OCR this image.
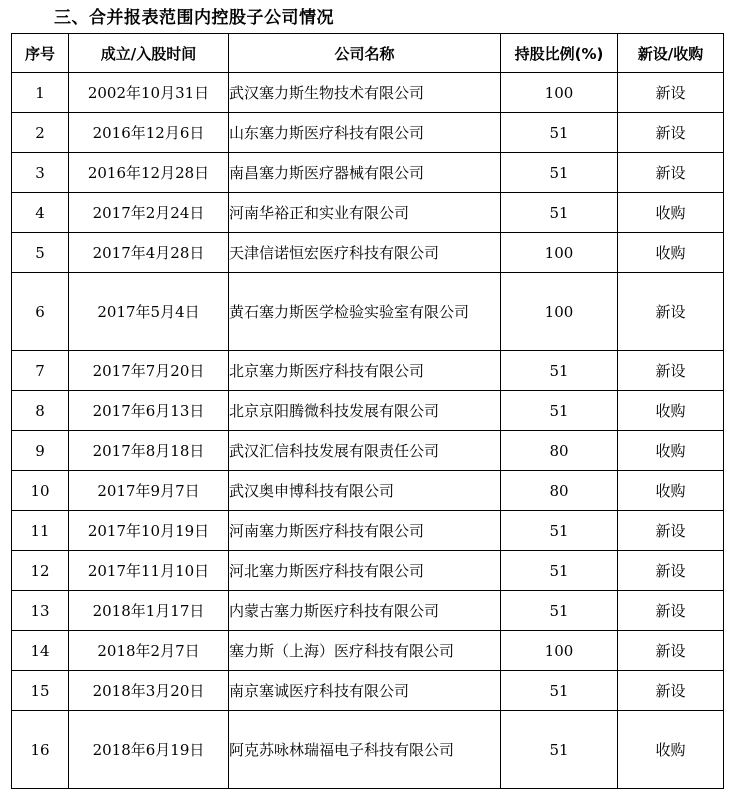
三、合并报表范围内控股子公司情况
序号	成立/入股时间	公司名称	持股比例(%)	新设/收购
1	2002年10月31日	武汉塞力斯生物技术有限公司	100	新设
2	2016年12月6日	山东塞力斯医疗科技有限公司	51	新设
3	2016年12月28日	南昌塞力斯医疗器械有限公司	51	新设
4	2017年2月24日	河南华裕正和实业有限公司	51	收购
5	2017年4月28日	天津信诺恒宏医疗科技有限公司	100	收购
6	2017年5月4日	黄石塞力斯医学检验实验室有限公司	100	新设
7	2017年7月20日	北京塞力斯医疗科技有限公司	51	新设
8	2017年6月13日	北京京阳腾微科技发展有限公司	51	收购
9	2017年8月18日	武汉汇信科技发展有限责任公司	80	收购
10	2017年9月7日	武汉奥申博科技有限公司	80	收购
11	2017年10月19日	河南塞力斯医疗科技有限公司	51	新设
12	2017年11月10日	河北塞力斯医疗科技有限公司	51	新设
13	2018年1月17日	内蒙古塞力斯医疗科技有限公司	51	新设
14	2018年2月7日	塞力斯（上海）医疗科技有限公司	100	新设
15	2018年3月20日	南京塞诚医疗科技有限公司	51	新设
16	2018年6月19日	阿克苏咏林瑞福电子科技有限公司	51	收购
